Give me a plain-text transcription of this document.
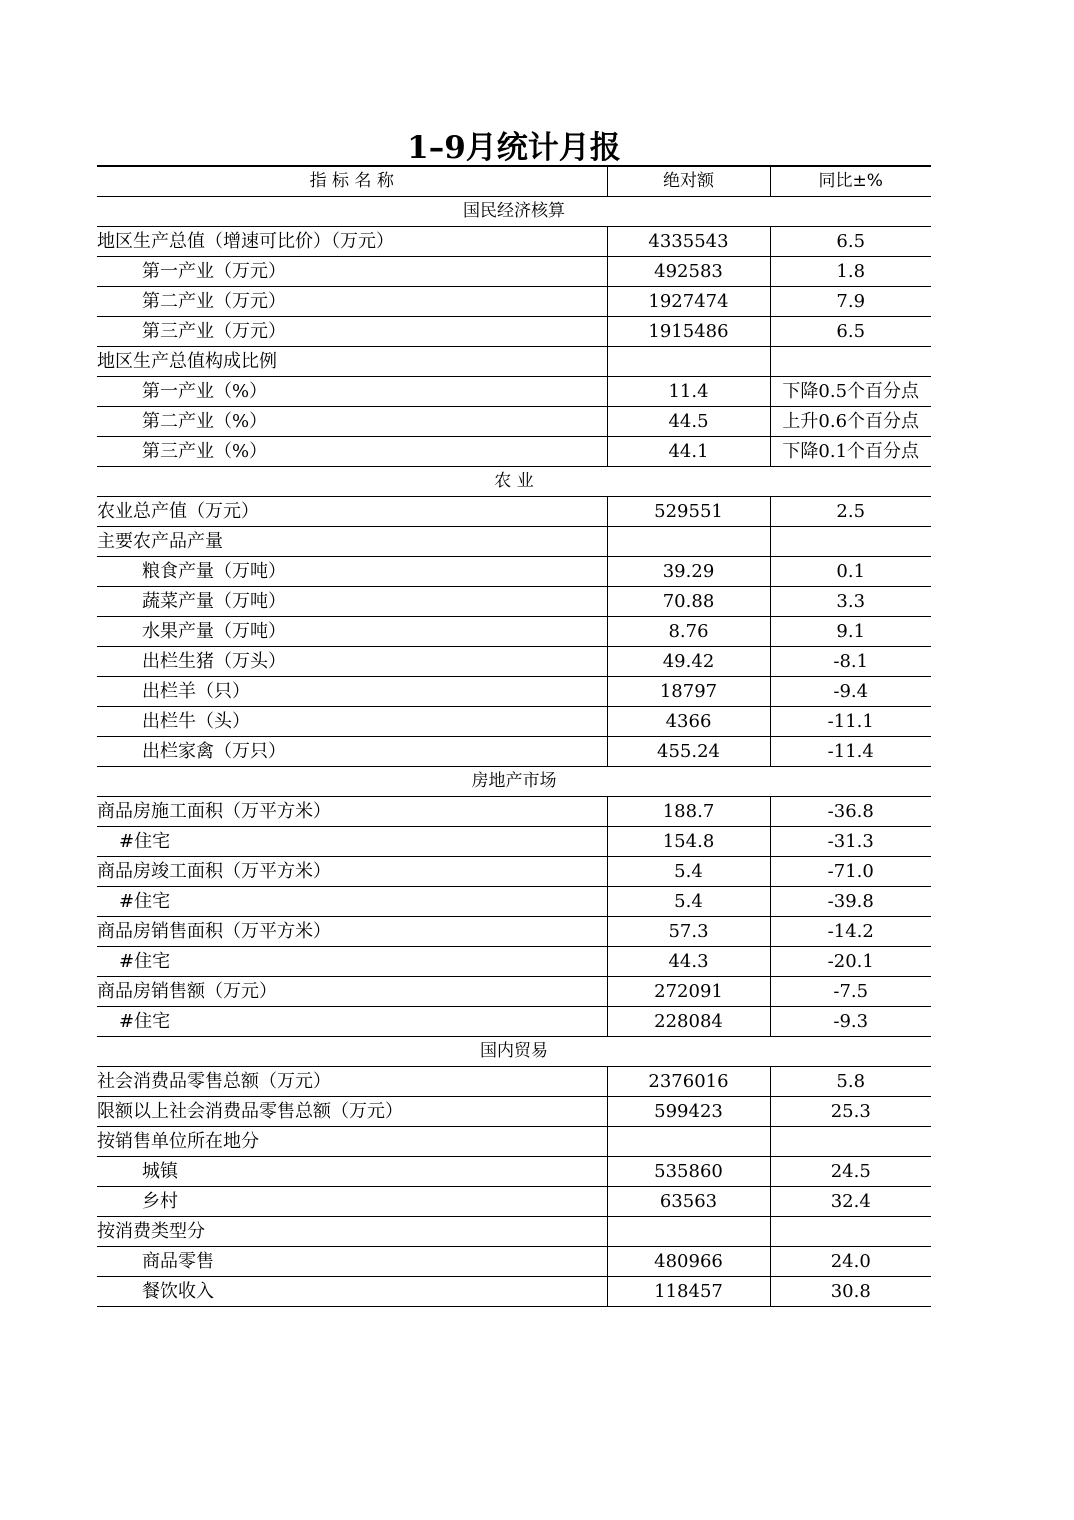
1–9月统计月报
指 标 名 称	绝对额	同比±%
国民经济核算		
地区生产总值（增速可比价）（万元）	4335543	6.5
第一产业（万元）	492583	1.8
第二产业（万元）	1927474	7.9
第三产业（万元）	1915486	6.5
地区生产总值构成比例		
第一产业（%）	11.4	下降0.5个百分点
第二产业（%）	44.5	上升0.6个百分点
第三产业（%）	44.1	下降0.1个百分点
农 业		
农业总产值（万元）	529551	2.5
主要农产品产量		
粮食产量（万吨）	39.29	0.1
蔬菜产量（万吨）	70.88	3.3
水果产量（万吨）	8.76	9.1
出栏生猪（万头）	49.42	-8.1
出栏羊（只）	18797	-9.4
出栏牛（头）	4366	-11.1
出栏家禽（万只）	455.24	-11.4
房地产市场		
商品房施工面积（万平方米）	188.7	-36.8
#住宅	154.8	-31.3
商品房竣工面积（万平方米）	5.4	-71.0
#住宅	5.4	-39.8
商品房销售面积（万平方米）	57.3	-14.2
#住宅	44.3	-20.1
商品房销售额（万元）	272091	-7.5
#住宅	228084	-9.3
国内贸易		
社会消费品零售总额（万元）	2376016	5.8
限额以上社会消费品零售总额（万元）	599423	25.3
按销售单位所在地分		
城镇	535860	24.5
乡村	63563	32.4
按消费类型分		
商品零售	480966	24.0
餐饮收入	118457	30.8
